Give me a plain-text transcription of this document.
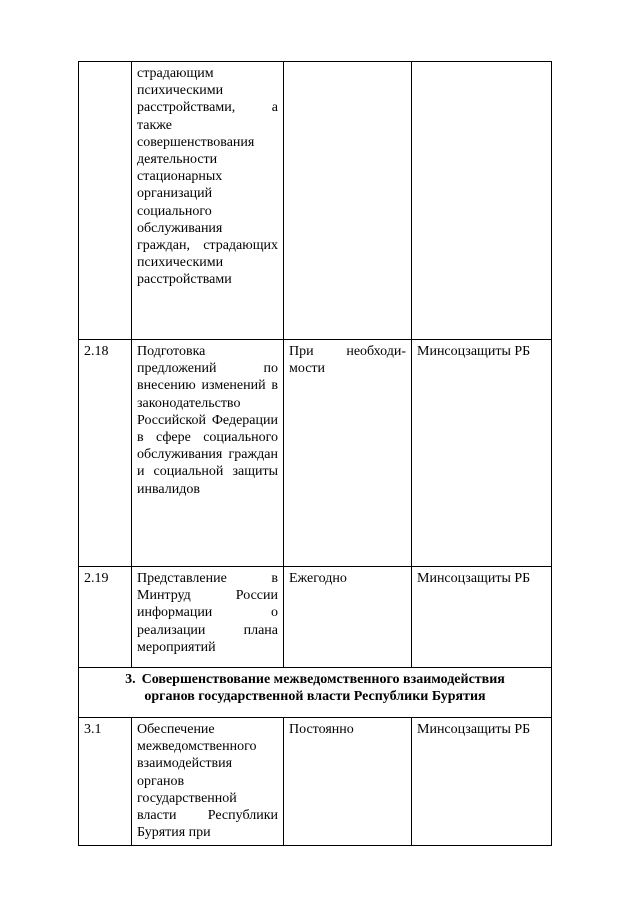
	страдающим психическими расстройствами, а также совершенствования деятельности стационарных организаций социального обслуживания граждан, страдающих психическими расстройствами		
2.18	Подготовка предложений по внесению изменений в законодательство Российской Федерации в сфере социального обслуживания граждан и социальной защиты инвалидов	При необходи-мости	Минсоцзащиты РБ
2.19	Представление в Минтруд России информации о реализации плана мероприятий	Ежегодно	Минсоцзащиты РБ

3. Совершенствование межведомственного взаимодействия
органов государственной власти Республики Бурятия			

3.1	Обеспечение межведомственного взаимодействия органов государственной власти Республики Бурятия при	Постоянно	Минсоцзащиты РБ
